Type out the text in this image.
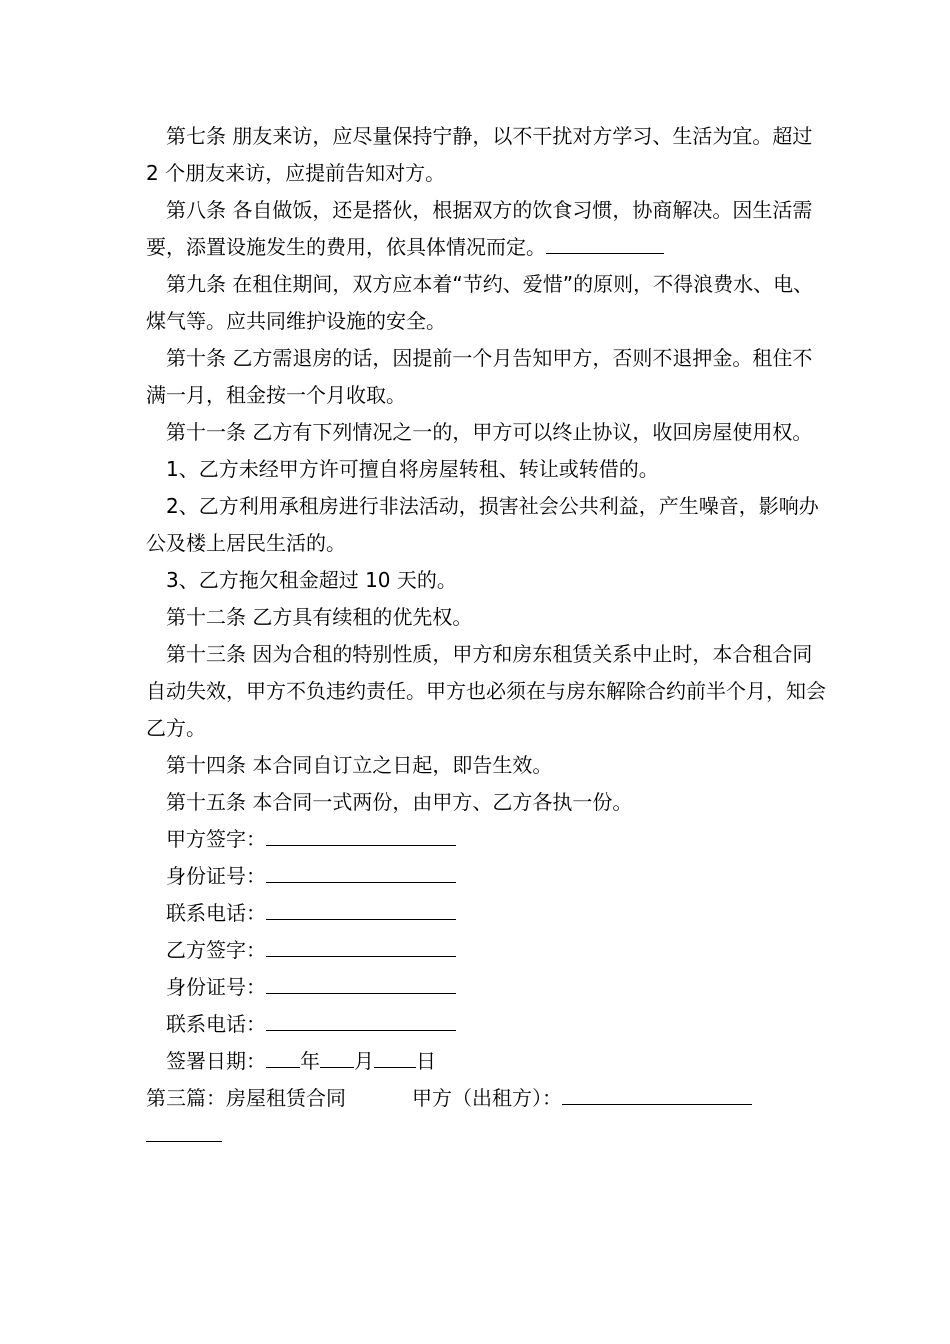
第七条 朋友来访，应尽量保持宁静，以不干扰对方学习、生活为宜。超过 2 个朋友来访，应提前告知对方。

第八条 各自做饭，还是搭伙，根据双方的饮食习惯，协商解决。因生活需要，添置设施发生的费用，依具体情况而定。

第九条 在租住期间，双方应本着“节约、爱惜”的原则，不得浪费水、电、煤气等。应共同维护设施的安全。

第十条 乙方需退房的话，因提前一个月告知甲方，否则不退押金。租住不满一月，租金按一个月收取。

第十一条 乙方有下列情况之一的，甲方可以终止协议，收回房屋使用权。

1、乙方未经甲方许可擅自将房屋转租、转让或转借的。

2、乙方利用承租房进行非法活动，损害社会公共利益，产生噪音，影响办公及楼上居民生活的。

3、乙方拖欠租金超过 10 天的。

第十二条 乙方具有续租的优先权。

第十三条 因为合租的特别性质，甲方和房东租赁关系中止时，本合租合同自动失效，甲方不负违约责任。甲方也必须在与房东解除合约前半个月，知会乙方。

第十四条 本合同自订立之日起，即告生效。

第十五条 本合同一式两份，由甲方、乙方各执一份。

甲方签字：

身份证号：

联系电话：

乙方签字：

身份证号：

联系电话：

签署日期： 年 月 日

第三篇：房屋租赁合同	甲方（出租方）：
